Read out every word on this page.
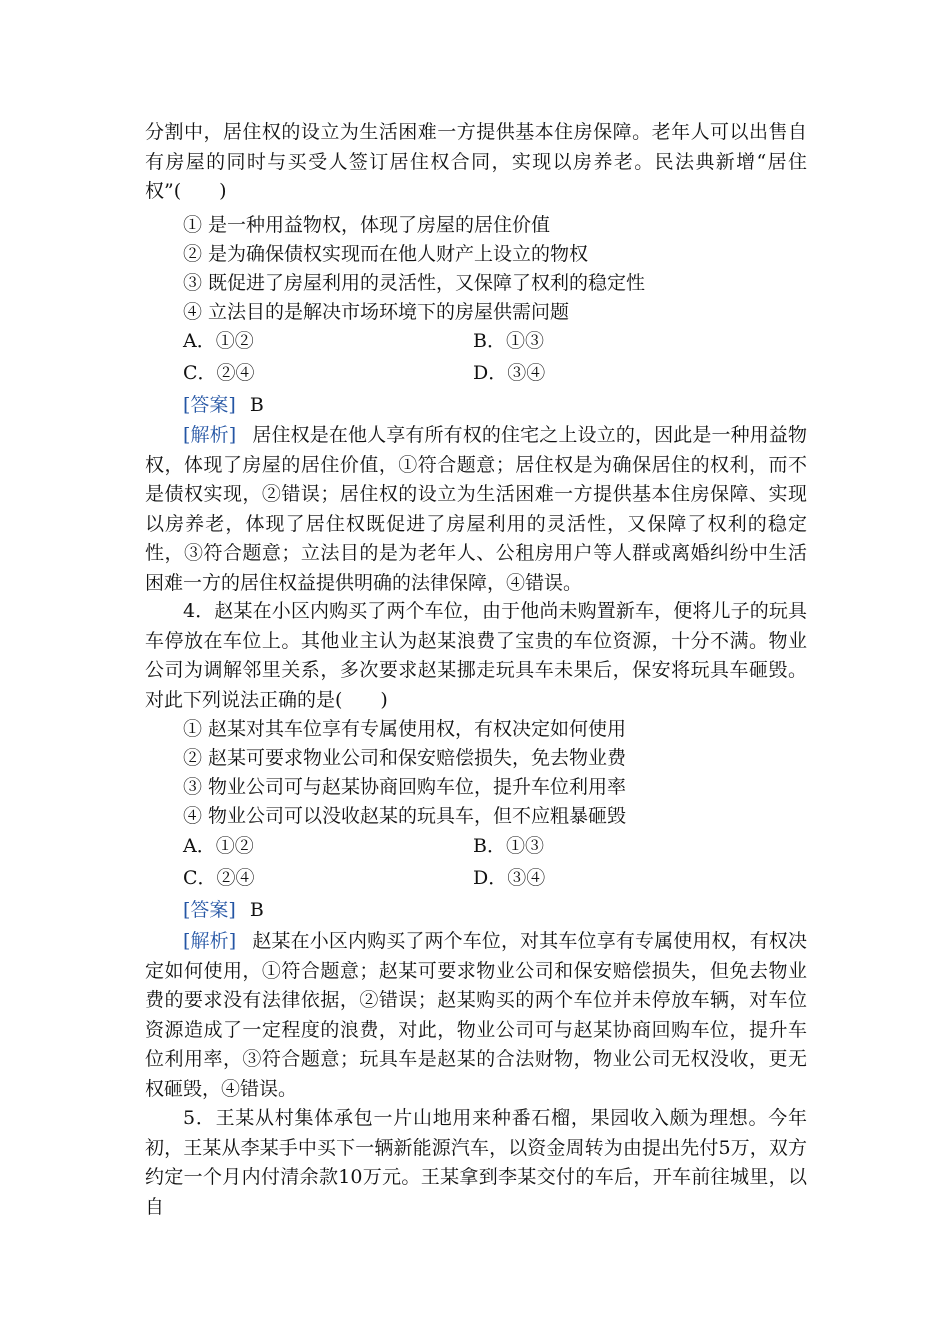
分割中，居住权的设立为生活困难一方提供基本住房保障。老年人可以出售自有房屋的同时与买受人签订居住权合同，实现以房养老。民法典新增“居住权”(　　)
① 是一种用益物权，体现了房屋的居住价值
② 是为确保债权实现而在他人财产上设立的物权
③ 既促进了房屋利用的灵活性，又保障了权利的稳定性
④ 立法目的是解决市场环境下的房屋供需问题
A．①②	B．①③
C．②④	D．③④
[答案] B
[解析] 居住权是在他人享有所有权的住宅之上设立的，因此是一种用益物权，体现了房屋的居住价值，①符合题意；居住权是为确保居住的权利，而不是债权实现，②错误；居住权的设立为生活困难一方提供基本住房保障、实现以房养老，体现了居住权既促进了房屋利用的灵活性，又保障了权利的稳定性，③符合题意；立法目的是为老年人、公租房用户等人群或离婚纠纷中生活困难一方的居住权益提供明确的法律保障，④错误。
4．赵某在小区内购买了两个车位，由于他尚未购置新车，便将儿子的玩具车停放在车位上。其他业主认为赵某浪费了宝贵的车位资源，十分不满。物业公司为调解邻里关系，多次要求赵某挪走玩具车未果后，保安将玩具车砸毁。对此下列说法正确的是(　　)
① 赵某对其车位享有专属使用权，有权决定如何使用
② 赵某可要求物业公司和保安赔偿损失，免去物业费
③ 物业公司可与赵某协商回购车位，提升车位利用率
④ 物业公司可以没收赵某的玩具车，但不应粗暴砸毁
A．①②	B．①③
C．②④	D．③④
[答案] B
[解析] 赵某在小区内购买了两个车位，对其车位享有专属使用权，有权决定如何使用，①符合题意；赵某可要求物业公司和保安赔偿损失，但免去物业费的要求没有法律依据，②错误；赵某购买的两个车位并未停放车辆，对车位资源造成了一定程度的浪费，对此，物业公司可与赵某协商回购车位，提升车位利用率，③符合题意；玩具车是赵某的合法财物，物业公司无权没收，更无权砸毁，④错误。
5．王某从村集体承包一片山地用来种番石榴，果园收入颇为理想。今年初，王某从李某手中买下一辆新能源汽车，以资金周转为由提出先付5万，双方约定一个月内付清余款10万元。王某拿到李某交付的车后，开车前往城里，以自
